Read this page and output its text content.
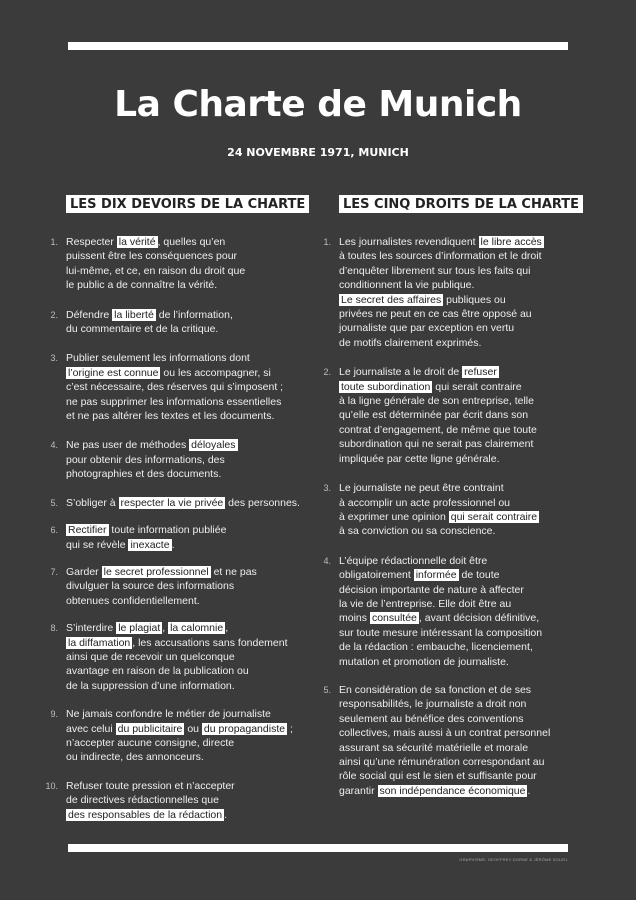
La Charte de Munich
24 NOVEMBRE 1971, MUNICH
LES DIX DEVOIRS DE LA CHARTE
1. Respecter la vérité , quelles qu’en
puissent être les conséquences pour
lui-même, et ce, en raison du droit que
le public a de connaître la vérité.
2. Défendre la liberté de l’information,
du commentaire et de la critique.
3. Publier seulement les informations dont
l’origine est connue ou les accompagner, si
c’est nécessaire, des réserves qui s’imposent ;
ne pas supprimer les informations essentielles
et ne pas altérer les textes et les documents.
4. Ne pas user de méthodes déloyales
pour obtenir des informations, des
photographies et des documents.
5. S’obliger à respecter la vie privée des personnes.
6. Rectifier toute information publiée
qui se révèle inexacte .
7. Garder le secret professionnel et ne pas
divulguer la source des informations
obtenues confidentiellement.
8. S’interdire le plagiat , la calomnie ,
la diffamation , les accusations sans fondement
ainsi que de recevoir un quelconque
avantage en raison de la publication ou
de la suppression d’une information.
9. Ne jamais confondre le métier de journaliste
avec celui du publicitaire ou du propagandiste ;
n’accepter aucune consigne, directe
ou indirecte, des annonceurs.
10. Refuser toute pression et n’accepter
de directives rédactionnelles que
des responsables de la rédaction .
LES CINQ DROITS DE LA CHARTE
1. Les journalistes revendiquent le libre accès
à toutes les sources d’information et le droit
d’enquêter librement sur tous les faits qui
conditionnent la vie publique.
Le secret des affaires publiques ou
privées ne peut en ce cas être opposé au
journaliste que par exception en vertu
de motifs clairement exprimés.
2. Le journaliste a le droit de refuser
toute subordination qui serait contraire
à la ligne générale de son entreprise, telle
qu’elle est déterminée par écrit dans son
contrat d’engagement, de même que toute
subordination qui ne serait pas clairement
impliquée par cette ligne générale.
3. Le journaliste ne peut être contraint
à accomplir un acte professionnel ou
à exprimer une opinion qui serait contraire
à sa conviction ou sa conscience.
4. L’équipe rédactionnelle doit être
obligatoirement informée de toute
décision importante de nature à affecter
la vie de l’entreprise. Elle doit être au
moins consultée , avant décision définitive,
sur toute mesure intéressant la composition
de la rédaction : embauche, licenciement,
mutation et promotion de journaliste.
5. En considération de sa fonction et de ses
responsabilités, le journaliste a droit non
seulement au bénéfice des conventions
collectives, mais aussi à un contrat personnel
assurant sa sécurité matérielle et morale
ainsi qu’une rémunération correspondant au
rôle social qui est le sien et suffisante pour
garantir son indépendance économique .
GRAPHISME: GEOFFREY DORNE & JÉRÔME SOLEIL
